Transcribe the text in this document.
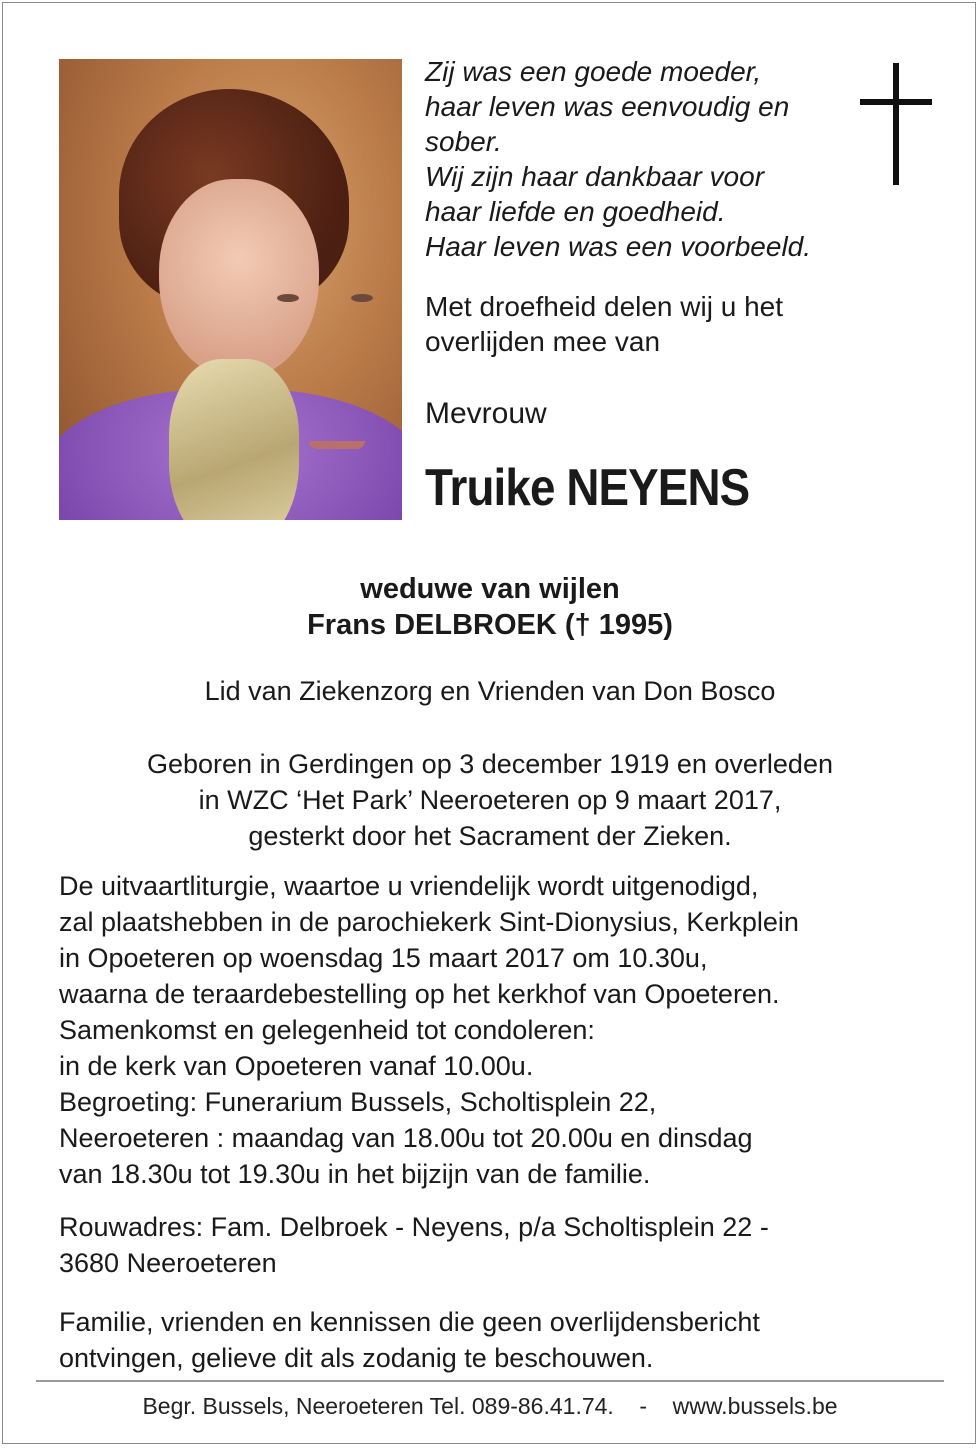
Zij was een goede moeder,
haar leven was eenvoudig en
sober.
Wij zijn haar dankbaar voor
haar liefde en goedheid.
Haar leven was een voorbeeld.
Met droefheid delen wij u het
overlijden mee van
Mevrouw
Truike NEYENS
weduwe van wijlen
Frans DELBROEK († 1995)
Lid van Ziekenzorg en Vrienden van Don Bosco
Geboren in Gerdingen op 3 december 1919 en overleden
in WZC ‘Het Park’ Neeroeteren op 9 maart 2017,
gesterkt door het Sacrament der Zieken.
De uitvaartliturgie, waartoe u vriendelijk wordt uitgenodigd,
zal plaatshebben in de parochiekerk Sint-Dionysius, Kerkplein
in Opoeteren op woensdag 15 maart 2017 om 10.30u,
waarna de teraardebestelling op het kerkhof van Opoeteren.
Samenkomst en gelegenheid tot condoleren:
in de kerk van Opoeteren vanaf 10.00u.
Begroeting: Funerarium Bussels, Scholtisplein 22,
Neeroeteren : maandag van 18.00u tot 20.00u en dinsdag
van 18.30u tot 19.30u in het bijzijn van de familie.
Rouwadres: Fam. Delbroek - Neyens, p/a Scholtisplein 22 -
3680 Neeroeteren
Familie, vrienden en kennissen die geen overlijdensbericht
ontvingen, gelieve dit als zodanig te beschouwen.
Begr. Bussels, Neeroeteren Tel. 089-86.41.74. - www.bussels.be
